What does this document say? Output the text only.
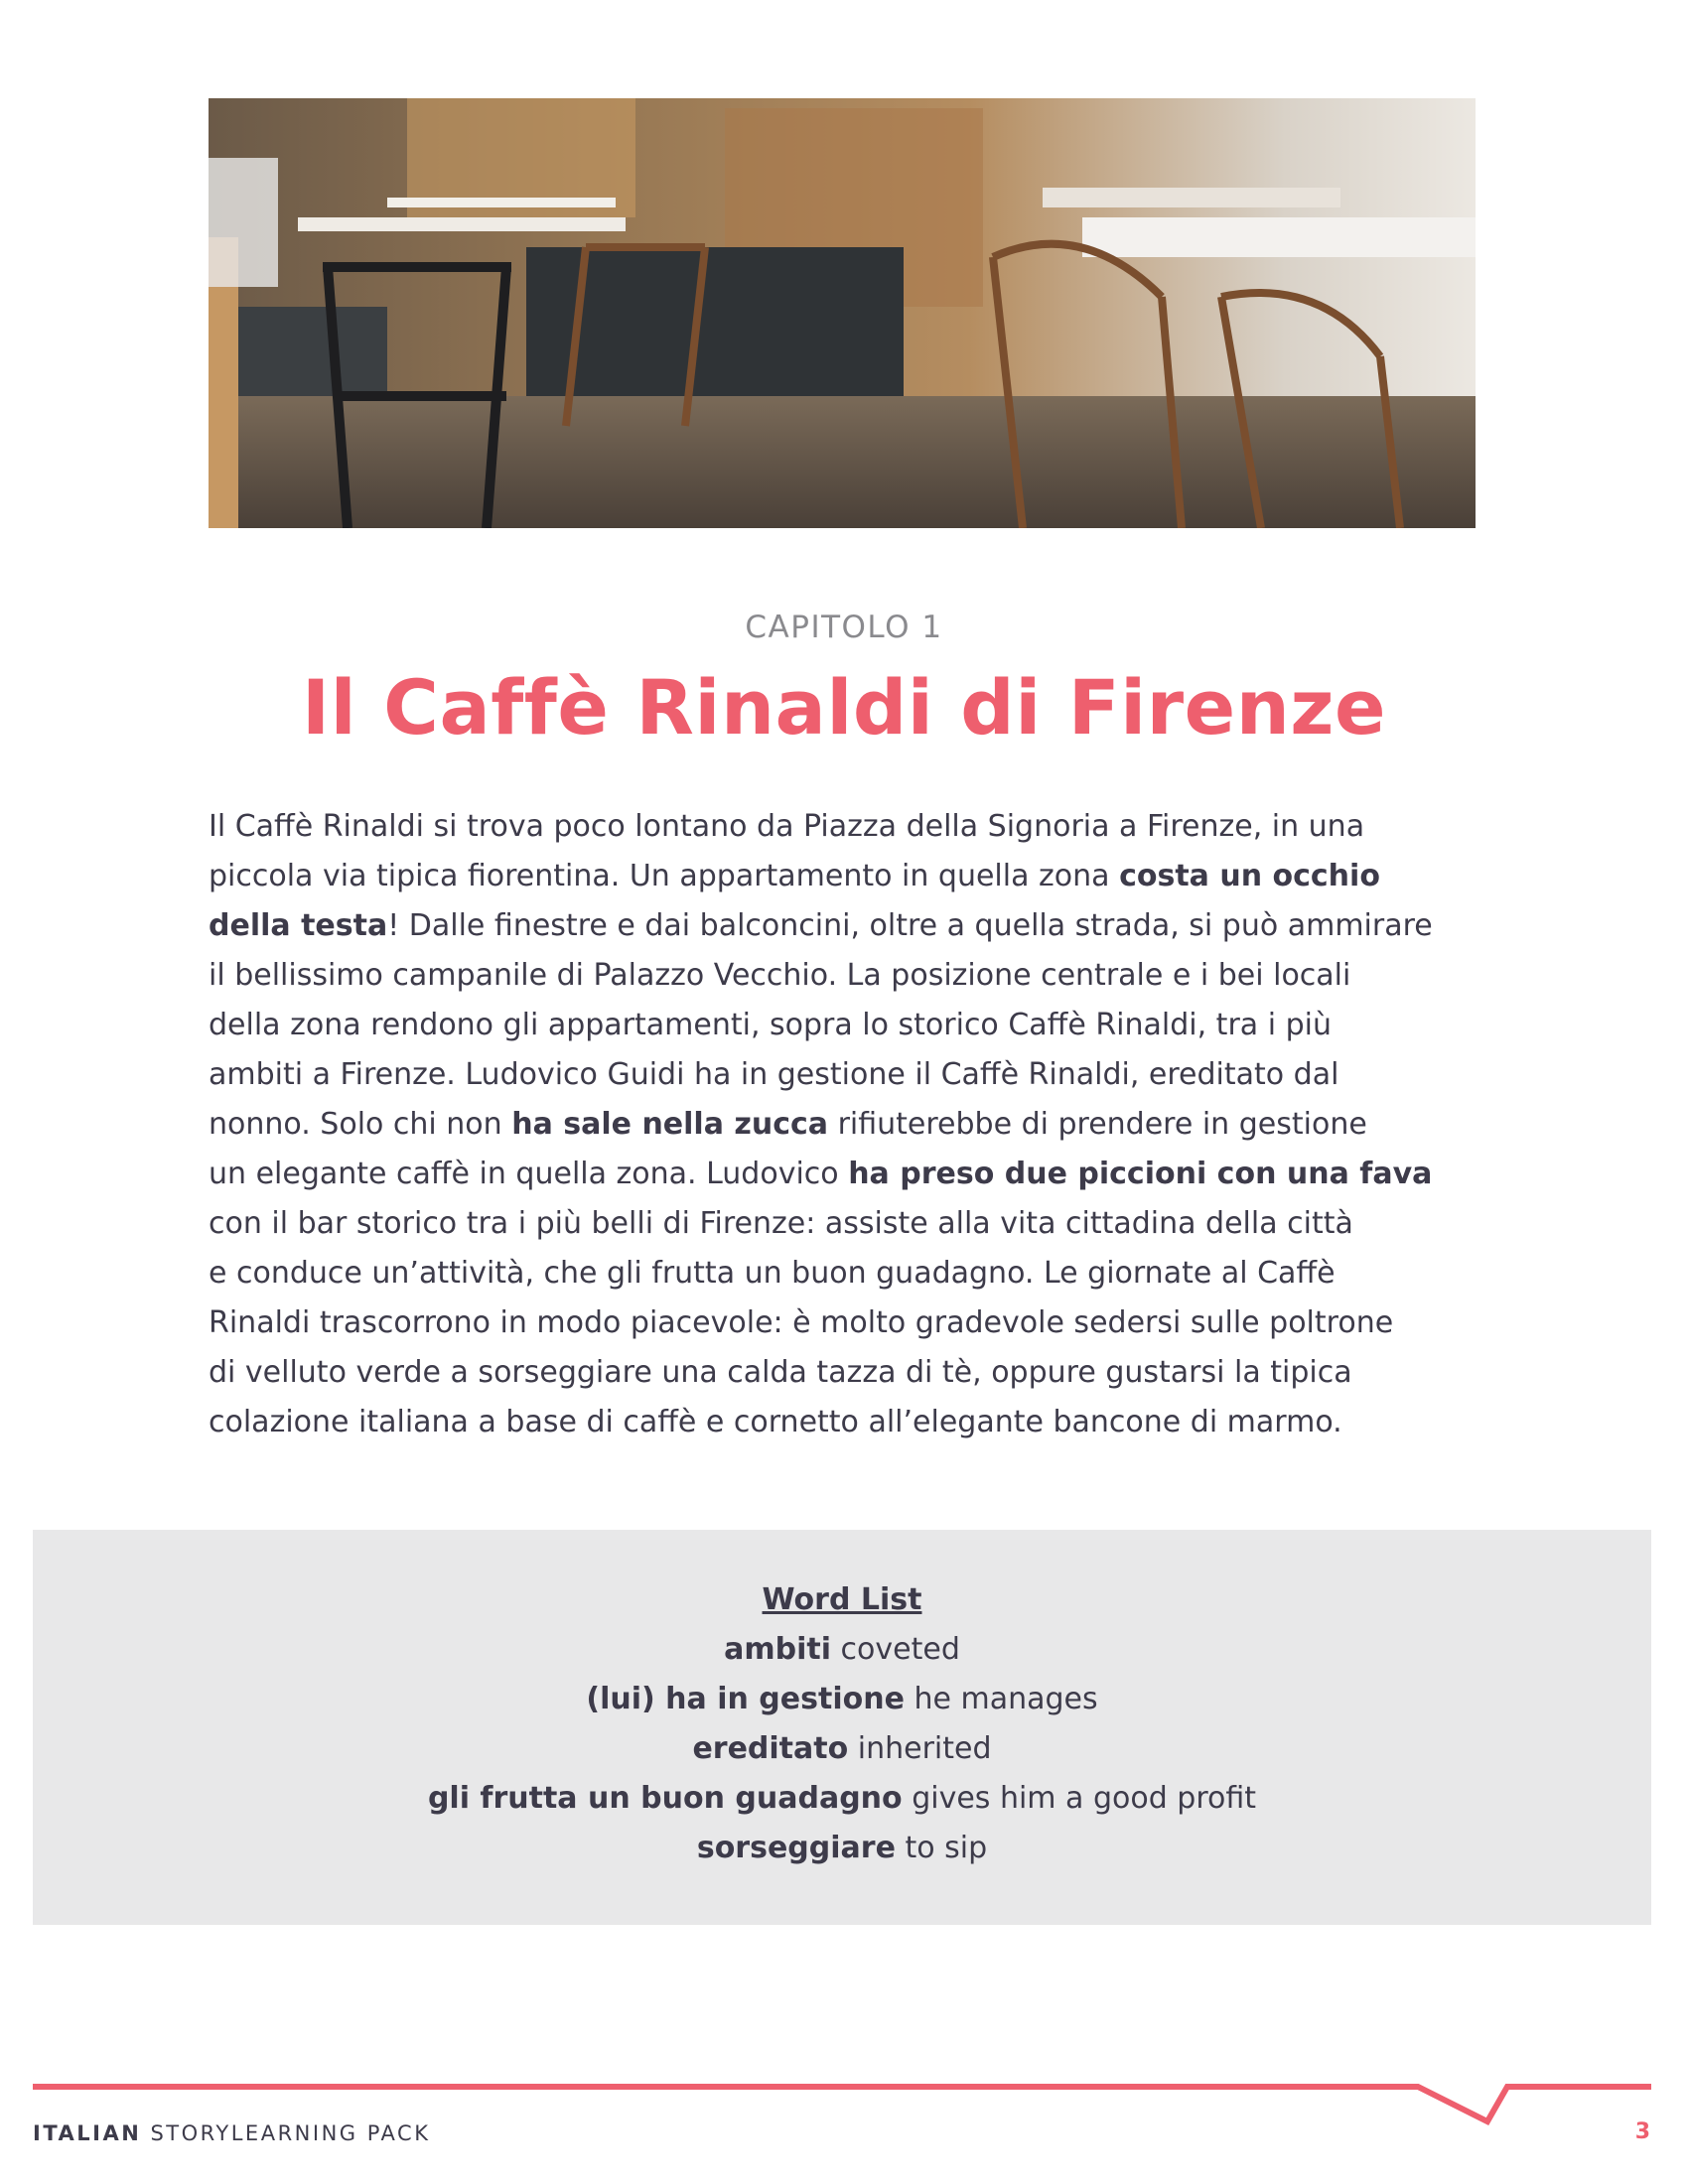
CAPITOLO 1
Il Caffè Rinaldi di Firenze
Il Caffè Rinaldi si trova poco lontano da Piazza della Signoria a Firenze, in una
piccola via tipica fiorentina. Un appartamento in quella zona costa un occhio
della testa! Dalle finestre e dai balconcini, oltre a quella strada, si può ammirare
il bellissimo campanile di Palazzo Vecchio. La posizione centrale e i bei locali
della zona rendono gli appartamenti, sopra lo storico Caffè Rinaldi, tra i più
ambiti a Firenze. Ludovico Guidi ha in gestione il Caffè Rinaldi, ereditato dal
nonno. Solo chi non ha sale nella zucca rifiuterebbe di prendere in gestione
un elegante caffè in quella zona. Ludovico ha preso due piccioni con una fava
con il bar storico tra i più belli di Firenze: assiste alla vita cittadina della città
e conduce un’attività, che gli frutta un buon guadagno. Le giornate al Caffè
Rinaldi trascorrono in modo piacevole: è molto gradevole sedersi sulle poltrone
di velluto verde a sorseggiare una calda tazza di tè, oppure gustarsi la tipica
colazione italiana a base di caffè e cornetto all’elegante bancone di marmo.
Word List
ambiti coveted
(lui) ha in gestione he manages
ereditato inherited
gli frutta un buon guadagno gives him a good profit
sorseggiare to sip
ITALIAN STORYLEARNING PACK	3
